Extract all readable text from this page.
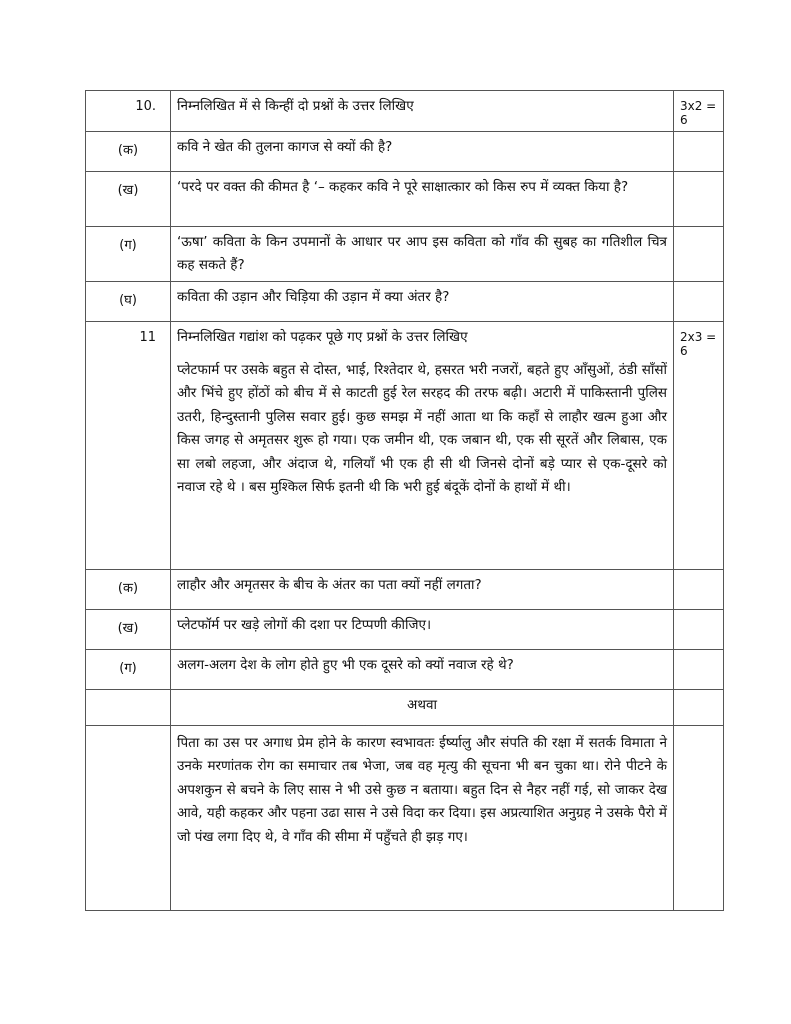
10.	निम्नलिखित में से किन्हीं दो प्रश्नों के उत्तर लिखिए	3x2 = 6
(क)	कवि ने खेत की तुलना कागज से क्यों की है?	
(ख)	‘परदे पर वक्त की कीमत है ‘– कहकर कवि ने पूरे साक्षात्कार को किस रुप में व्यक्त किया है?	
(ग)	‘ऊषा’ कविता के किन उपमानों के आधार पर आप इस कविता को गाँव की सुबह का गतिशील चित्र कह सकते हैं?	
(घ)	कविता की उड़ान और चिड़िया की उड़ान में क्या अंतर है?	
11	निम्नलिखित गद्यांश को पढ़कर पूछे गए प्रश्नों के उत्तर लिखिए
प्लेटफार्म पर उसके बहुत से दोस्त, भाई, रिश्तेदार थे, हसरत भरी नजरों, बहते हुए आँसुओं, ठंडी साँसों और भिंचे हुए होंठों को बीच में से काटती हुई रेल सरहद की तरफ बढ़ी। अटारी में पाकिस्तानी पुलिस उतरी, हिन्दुस्तानी पुलिस सवार हुई। कुछ समझ में नहीं आता था कि कहाँ से लाहौर खत्म हुआ और किस जगह से अमृतसर शुरू हो गया। एक जमीन थी, एक जबान थी, एक सी सूरतें और लिबास, एक सा लबो लहजा, और अंदाज थे, गलियाँ भी एक ही सी थी जिनसे दोनों बड़े प्यार से एक-दूसरे को नवाज रहे थे । बस मुश्किल सिर्फ इतनी थी कि भरी हुई बंदूकें दोनों के हाथों में थी।	2x3 = 6
(क)	लाहौर और अमृतसर के बीच के अंतर का पता क्यों नहीं लगता?	
(ख)	प्लेटफॉर्म पर खड़े लोगों की दशा पर टिप्पणी कीजिए।	
(ग)	अलग-अलग देश के लोग होते हुए भी एक दूसरे को क्यों नवाज रहे थे?	
	अथवा	

	पिता का उस पर अगाध प्रेम होने के कारण स्वभावतः ईर्ष्यालु और संपति की रक्षा में सतर्क विमाता ने उनके मरणांतक रोग का समाचार तब भेजा, जब वह मृत्यु की सूचना भी बन चुका था। रोने पीटने के अपशकुन से बचने के लिए सास ने भी उसे कुछ न बताया। बहुत दिन से नैहर नहीं गई, सो जाकर देख आवे, यही कहकर और पहना उढा सास ने उसे विदा कर दिया। इस अप्रत्याशित अनुग्रह ने उसके पैरो में जो पंख लगा दिए थे, वे गाँव की सीमा में पहुँचते ही झड़ गए।	
